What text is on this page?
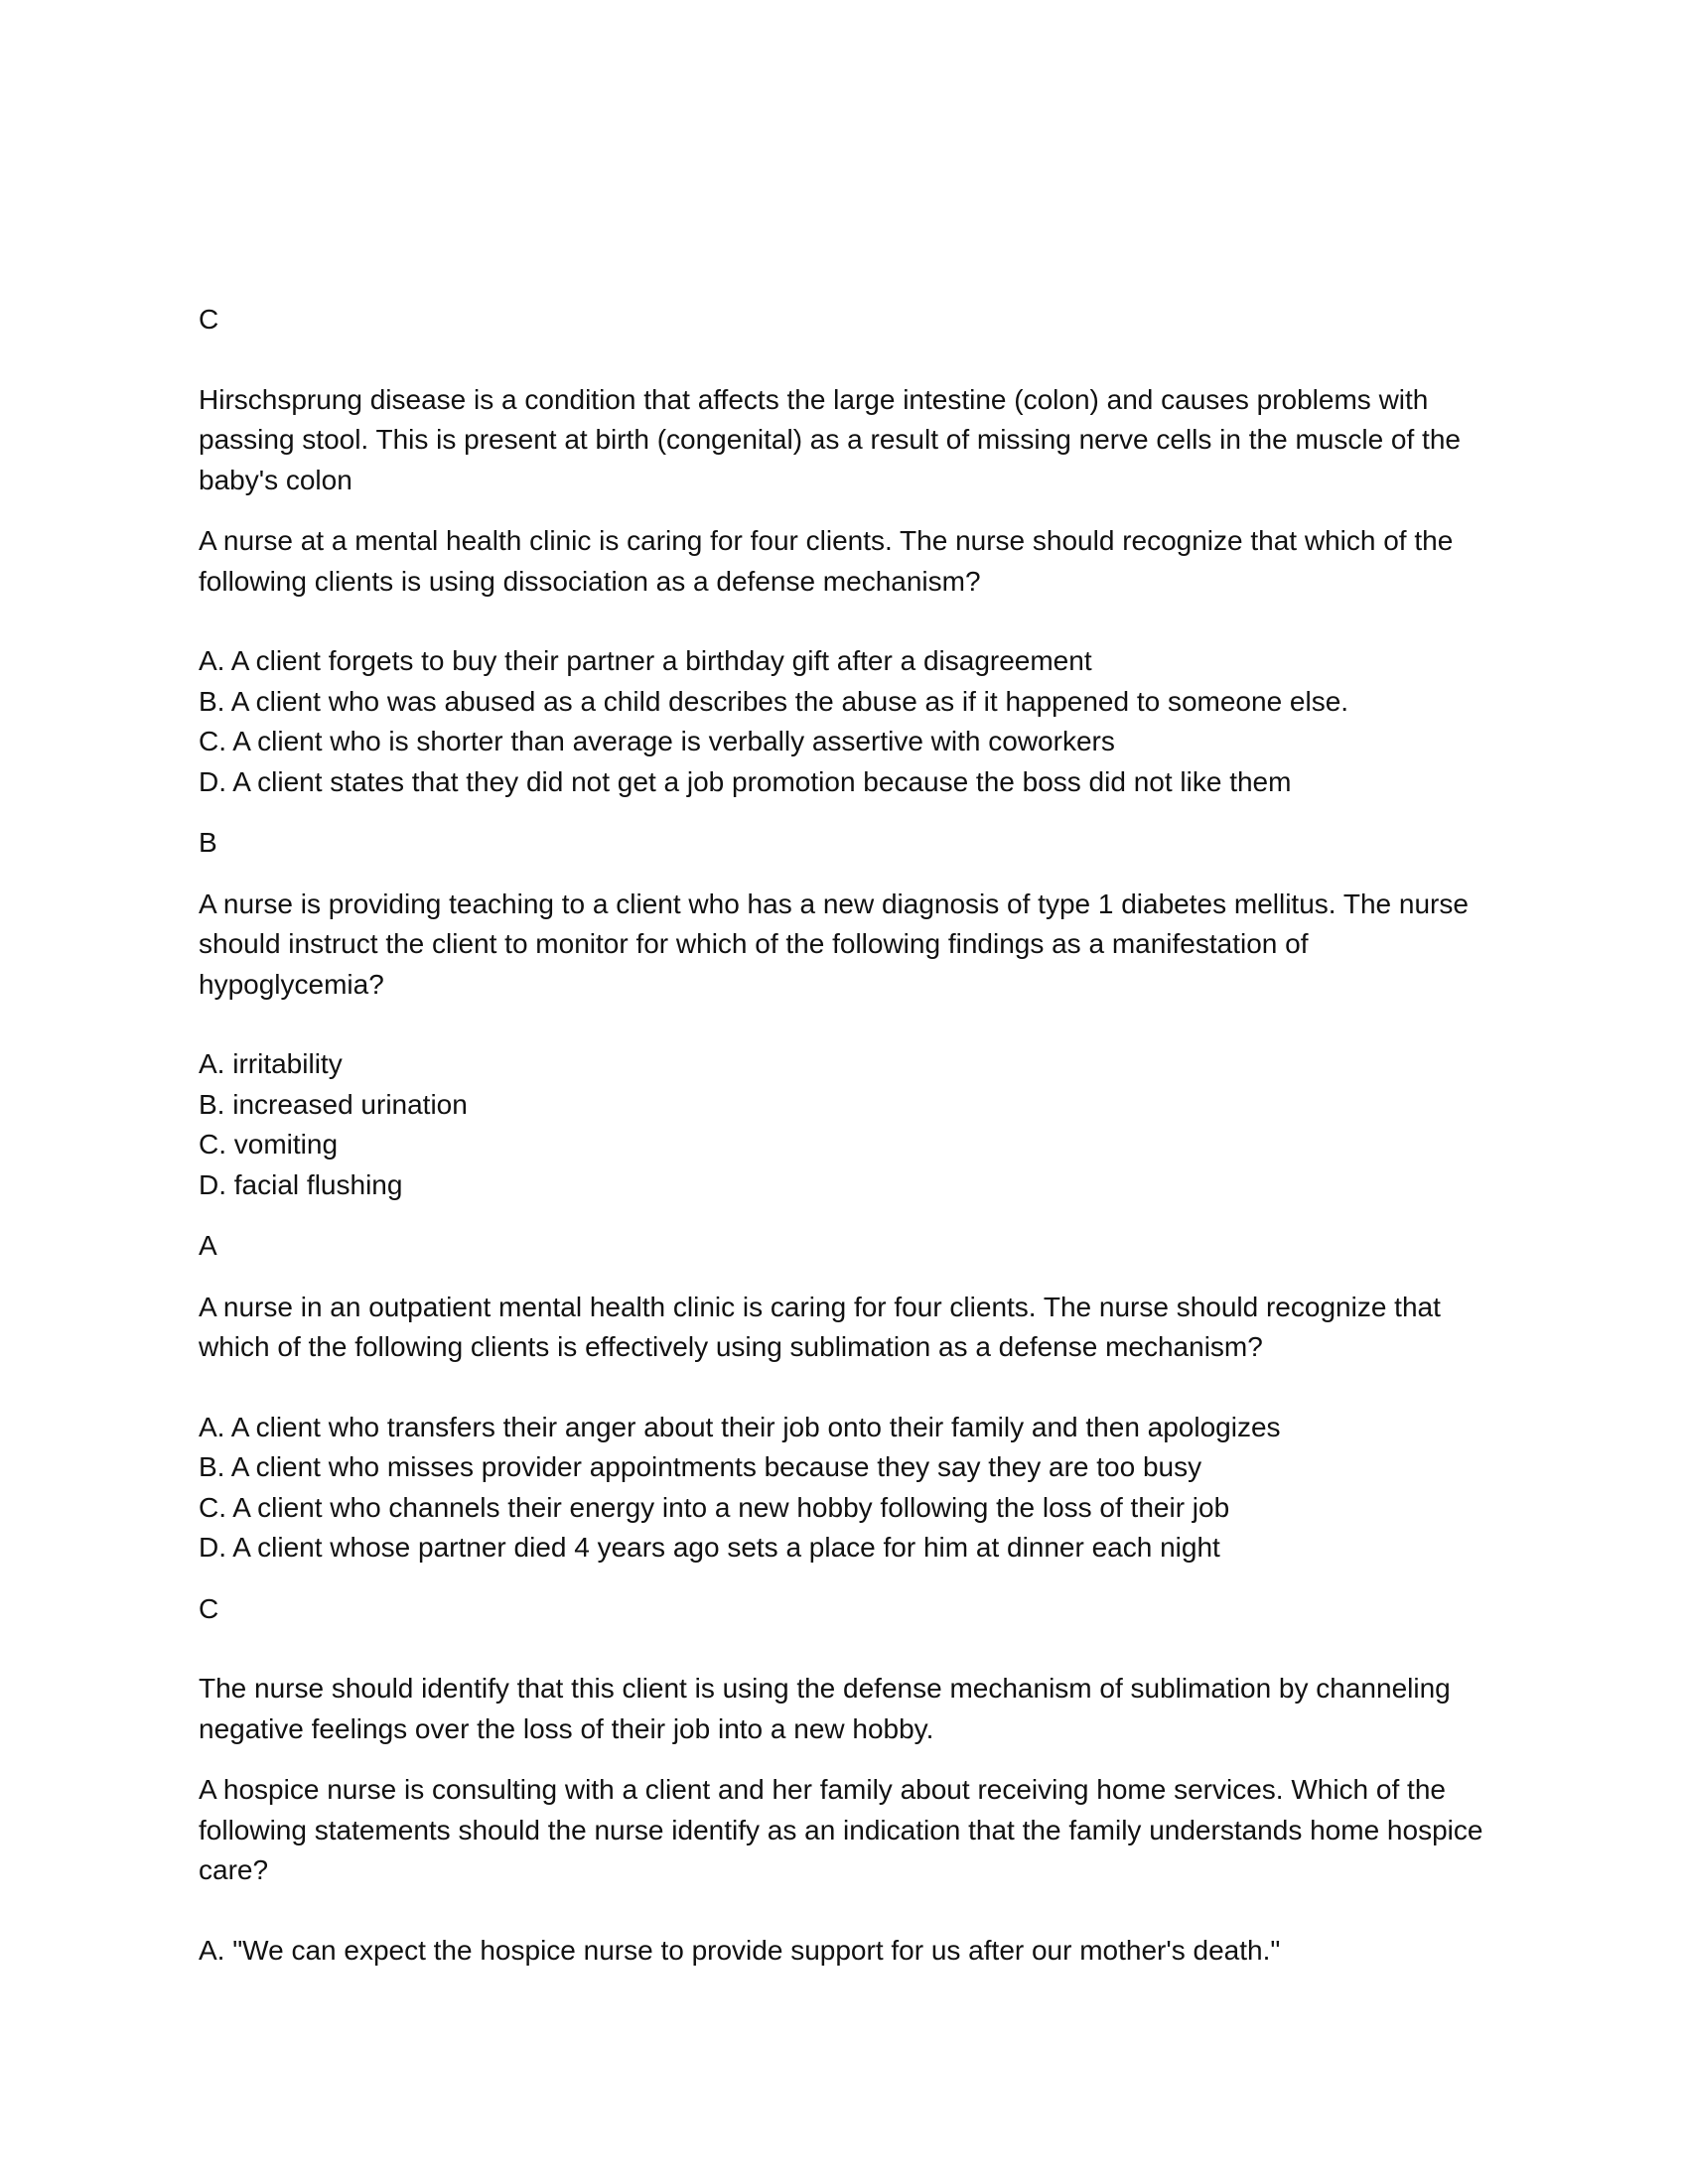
C
Hirschsprung disease is a condition that affects the large intestine (colon) and causes problems with passing stool. This is present at birth (congenital) as a result of missing nerve cells in the muscle of the baby's colon
A nurse at a mental health clinic is caring for four clients. The nurse should recognize that which of the following clients is using dissociation as a defense mechanism?
A. A client forgets to buy their partner a birthday gift after a disagreement
B. A client who was abused as a child describes the abuse as if it happened to someone else.
C. A client who is shorter than average is verbally assertive with coworkers
D. A client states that they did not get a job promotion because the boss did not like them
B
A nurse is providing teaching to a client who has a new diagnosis of type 1 diabetes mellitus. The nurse should instruct the client to monitor for which of the following findings as a manifestation of hypoglycemia?
A. irritability
B. increased urination
C. vomiting
D. facial flushing
A
A nurse in an outpatient mental health clinic is caring for four clients. The nurse should recognize that which of the following clients is effectively using sublimation as a defense mechanism?
A. A client who transfers their anger about their job onto their family and then apologizes
B. A client who misses provider appointments because they say they are too busy
C. A client who channels their energy into a new hobby following the loss of their job
D. A client whose partner died 4 years ago sets a place for him at dinner each night
C
The nurse should identify that this client is using the defense mechanism of sublimation by channeling negative feelings over the loss of their job into a new hobby.
A hospice nurse is consulting with a client and her family about receiving home services. Which of the following statements should the nurse identify as an indication that the family understands home hospice care?
A. "We can expect the hospice nurse to provide support for us after our mother's death."
